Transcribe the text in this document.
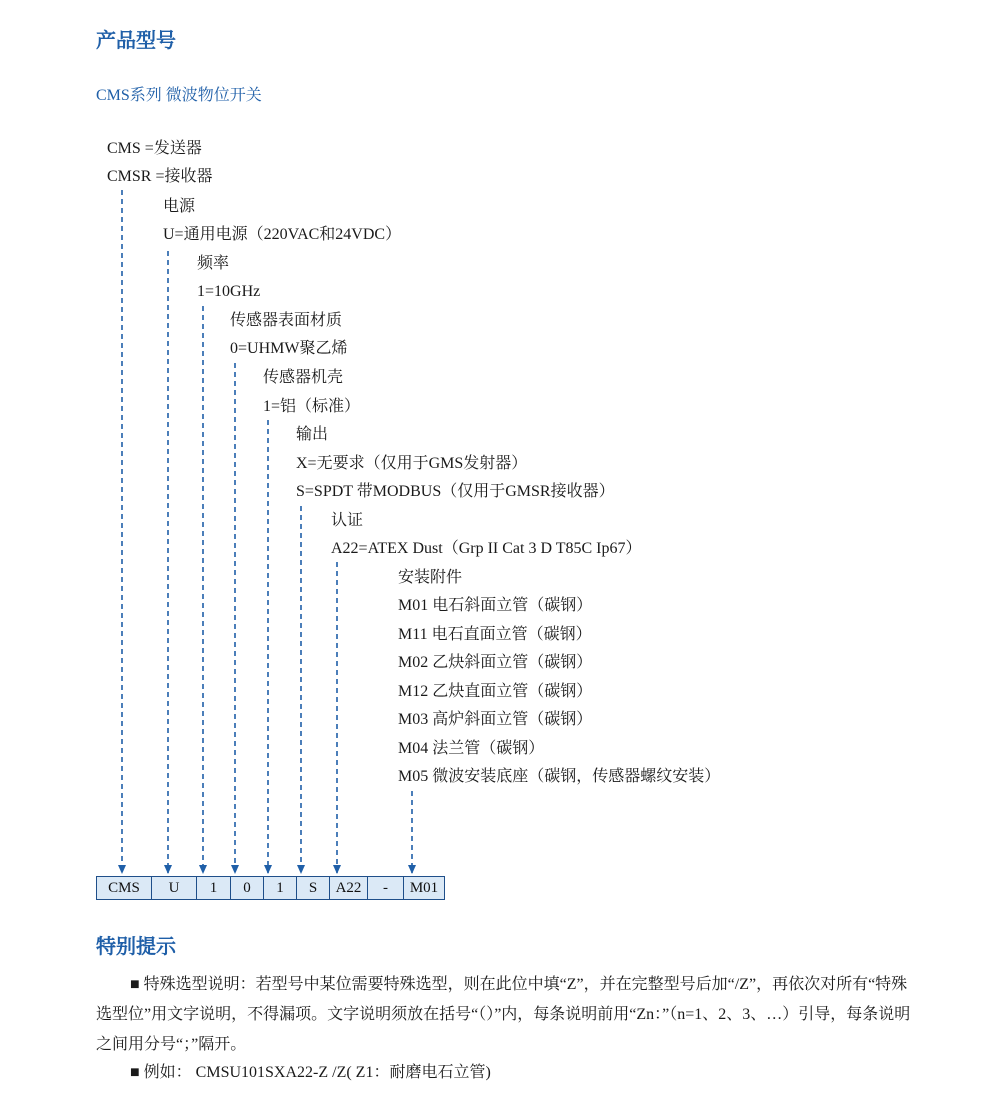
产品型号
CMS系列 微波物位开关
CMS =发送器
CMSR =接收器
电源
U=通用电源（220VAC和24VDC）
频率
1=10GHz
传感器表面材质
0=UHMW聚乙烯
传感器机壳
1=铝（标准）
输出
X=无要求（仅用于GMS发射器）
S=SPDT 带MODBUS（仅用于GMSR接收器）
认证
A22=ATEX Dust（Grp II Cat 3 D T85C Ip67）
安装附件
M01 电石斜面立管（碳钢）
M11 电石直面立管（碳钢）
M02 乙炔斜面立管（碳钢）
M12 乙炔直面立管（碳钢）
M03 高炉斜面立管（碳钢）
M04 法兰管（碳钢）
M05 微波安装底座（碳钢，传感器螺纹安装）
CMS	U	1	0	1	S	A22	-	M01
特别提示
■ 特殊选型说明：若型号中某位需要特殊选型，则在此位中填“Z”，并在完整型号后加“/Z”，再依次对所有“特殊选型位”用文字说明，不得漏项。文字说明须放在括号“（）”内，每条说明前用“Zn：”（n=1、2、3、…）引导，每条说明之间用分号“；”隔开。
■ 例如： CMSU101SXA22-Z /Z( Z1：耐磨电石立管)
